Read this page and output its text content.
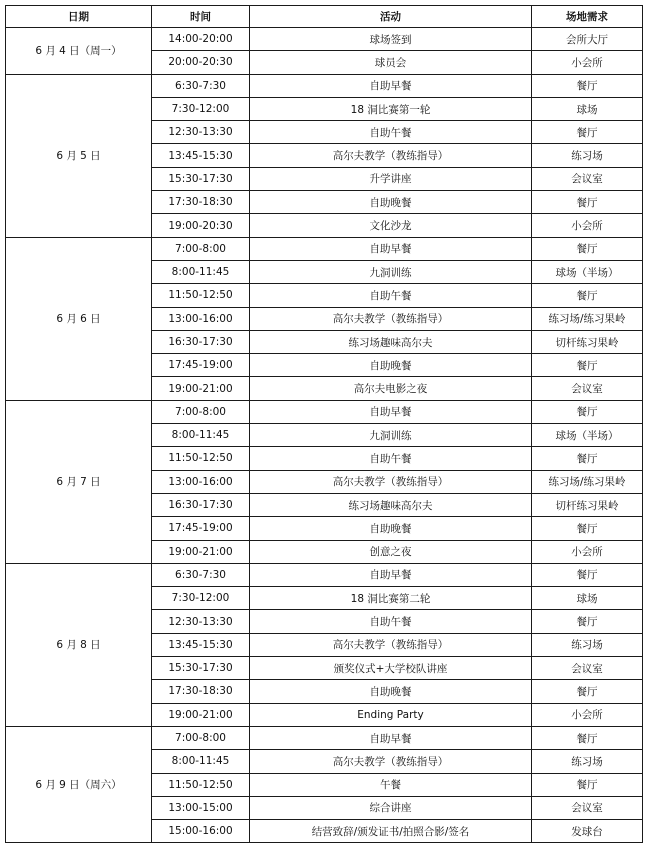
日期	时间	活动	场地需求
6 月 4 日（周一）	14:00-20:00	球场签到	会所大厅
	20:00-20:30	球员会	小会所
6 月 5 日	6:30-7:30	自助早餐	餐厅
	7:30-12:00	18 洞比赛第一轮	球场
	12:30-13:30	自助午餐	餐厅
	13:45-15:30	高尔夫教学（教练指导）	练习场
	15:30-17:30	升学讲座	会议室
	17:30-18:30	自助晚餐	餐厅
	19:00-20:30	文化沙龙	小会所
6 月 6 日	7:00-8:00	自助早餐	餐厅
	8:00-11:45	九洞训练	球场（半场）
	11:50-12:50	自助午餐	餐厅
	13:00-16:00	高尔夫教学（教练指导）	练习场/练习果岭
	16:30-17:30	练习场趣味高尔夫	切杆练习果岭
	17:45-19:00	自助晚餐	餐厅
	19:00-21:00	高尔夫电影之夜	会议室
6 月 7 日	7:00-8:00	自助早餐	餐厅
	8:00-11:45	九洞训练	球场（半场）
	11:50-12:50	自助午餐	餐厅
	13:00-16:00	高尔夫教学（教练指导）	练习场/练习果岭
	16:30-17:30	练习场趣味高尔夫	切杆练习果岭
	17:45-19:00	自助晚餐	餐厅
	19:00-21:00	创意之夜	小会所
6 月 8 日	6:30-7:30	自助早餐	餐厅
	7:30-12:00	18 洞比赛第二轮	球场
	12:30-13:30	自助午餐	餐厅
	13:45-15:30	高尔夫教学（教练指导）	练习场
	15:30-17:30	颁奖仪式+大学校队讲座	会议室
	17:30-18:30	自助晚餐	餐厅
	19:00-21:00	Ending Party	小会所
6 月 9 日（周六）	7:00-8:00	自助早餐	餐厅
	8:00-11:45	高尔夫教学（教练指导）	练习场
	11:50-12:50	午餐	餐厅
	13:00-15:00	综合讲座	会议室
	15:00-16:00	结营致辞/颁发证书/拍照合影/签名	发球台
